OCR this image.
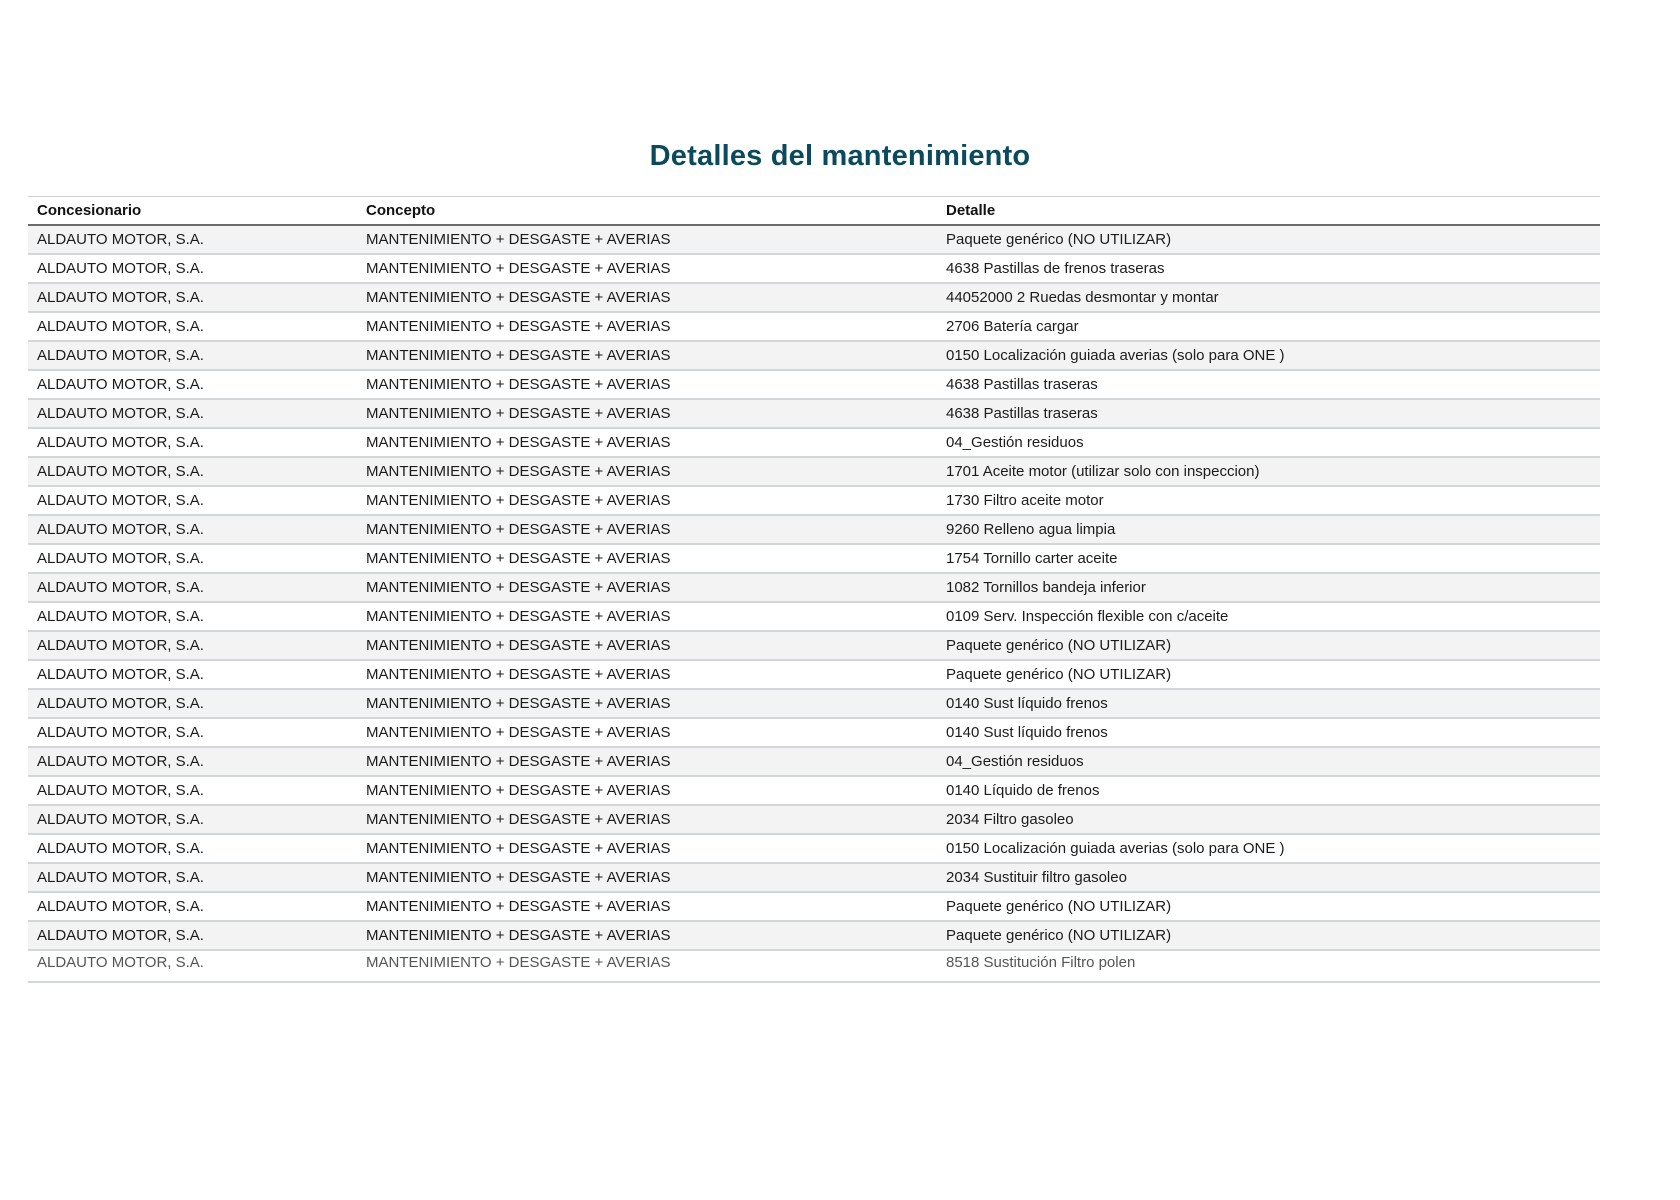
Detalles del mantenimiento
Concesionario	Concepto	Detalle
ALDAUTO MOTOR, S.A.	MANTENIMIENTO + DESGASTE + AVERIAS	Paquete genérico (NO UTILIZAR)
ALDAUTO MOTOR, S.A.	MANTENIMIENTO + DESGASTE + AVERIAS	4638 Pastillas de frenos traseras
ALDAUTO MOTOR, S.A.	MANTENIMIENTO + DESGASTE + AVERIAS	44052000 2 Ruedas desmontar y montar
ALDAUTO MOTOR, S.A.	MANTENIMIENTO + DESGASTE + AVERIAS	2706 Batería cargar
ALDAUTO MOTOR, S.A.	MANTENIMIENTO + DESGASTE + AVERIAS	0150 Localización guiada averias (solo para ONE )
ALDAUTO MOTOR, S.A.	MANTENIMIENTO + DESGASTE + AVERIAS	4638 Pastillas traseras
ALDAUTO MOTOR, S.A.	MANTENIMIENTO + DESGASTE + AVERIAS	4638 Pastillas traseras
ALDAUTO MOTOR, S.A.	MANTENIMIENTO + DESGASTE + AVERIAS	04_Gestión residuos
ALDAUTO MOTOR, S.A.	MANTENIMIENTO + DESGASTE + AVERIAS	1701 Aceite motor (utilizar solo con inspeccion)
ALDAUTO MOTOR, S.A.	MANTENIMIENTO + DESGASTE + AVERIAS	1730 Filtro aceite motor
ALDAUTO MOTOR, S.A.	MANTENIMIENTO + DESGASTE + AVERIAS	9260 Relleno agua limpia
ALDAUTO MOTOR, S.A.	MANTENIMIENTO + DESGASTE + AVERIAS	1754 Tornillo carter aceite
ALDAUTO MOTOR, S.A.	MANTENIMIENTO + DESGASTE + AVERIAS	1082 Tornillos bandeja inferior
ALDAUTO MOTOR, S.A.	MANTENIMIENTO + DESGASTE + AVERIAS	0109 Serv. Inspección flexible con c/aceite
ALDAUTO MOTOR, S.A.	MANTENIMIENTO + DESGASTE + AVERIAS	Paquete genérico (NO UTILIZAR)
ALDAUTO MOTOR, S.A.	MANTENIMIENTO + DESGASTE + AVERIAS	Paquete genérico (NO UTILIZAR)
ALDAUTO MOTOR, S.A.	MANTENIMIENTO + DESGASTE + AVERIAS	0140 Sust líquido frenos
ALDAUTO MOTOR, S.A.	MANTENIMIENTO + DESGASTE + AVERIAS	0140 Sust líquido frenos
ALDAUTO MOTOR, S.A.	MANTENIMIENTO + DESGASTE + AVERIAS	04_Gestión residuos
ALDAUTO MOTOR, S.A.	MANTENIMIENTO + DESGASTE + AVERIAS	0140 Líquido de frenos
ALDAUTO MOTOR, S.A.	MANTENIMIENTO + DESGASTE + AVERIAS	2034 Filtro gasoleo
ALDAUTO MOTOR, S.A.	MANTENIMIENTO + DESGASTE + AVERIAS	0150 Localización guiada averias (solo para ONE )
ALDAUTO MOTOR, S.A.	MANTENIMIENTO + DESGASTE + AVERIAS	2034 Sustituir filtro gasoleo
ALDAUTO MOTOR, S.A.	MANTENIMIENTO + DESGASTE + AVERIAS	Paquete genérico (NO UTILIZAR)
ALDAUTO MOTOR, S.A.	MANTENIMIENTO + DESGASTE + AVERIAS	Paquete genérico (NO UTILIZAR)
ALDAUTO MOTOR, S.A.	MANTENIMIENTO + DESGASTE + AVERIAS	8518 Sustitución Filtro polen
